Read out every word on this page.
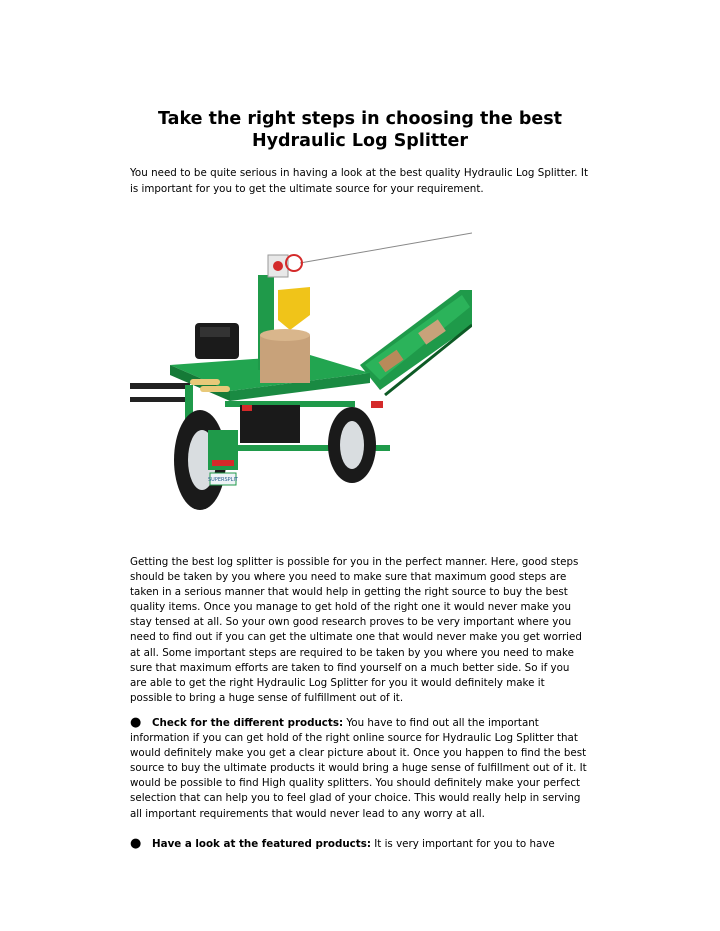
Take the right steps in choosing the best
Hydraulic Log Splitter

You need to be quite serious in having a look at the best quality Hydraulic Log Splitter. It is important for you to get the ultimate source for your requirement.

SUPERSPLIT

Getting the best log splitter is possible for you in the perfect manner. Here, good steps should be taken by you where you need to make sure that maximum good steps are taken in a serious manner that would help in getting the right source to buy the best quality items. Once you manage to get hold of the right one it would never make you stay tensed at all. So your own good research proves to be very important where you need to find out if you can get the ultimate one that would never make you get worried at all. Some important steps are required to be taken by you where you need to make sure that maximum efforts are taken to find yourself on a much better side. So if you are able to get the right Hydraulic Log Splitter for you it would definitely make it possible to bring a huge sense of fulfillment out of it.

● Check for the different products: You have to find out all the important information if you can get hold of the right online source for Hydraulic Log Splitter that would definitely make you get a clear picture about it. Once you happen to find the best source to buy the ultimate products it would bring a huge sense of fulfillment out of it. It would be possible to find High quality splitters. You should definitely make your perfect selection that can help you to feel glad of your choice. This would really help in serving all important requirements that would never lead to any worry at all.

● Have a look at the featured products: It is very important for you to have
